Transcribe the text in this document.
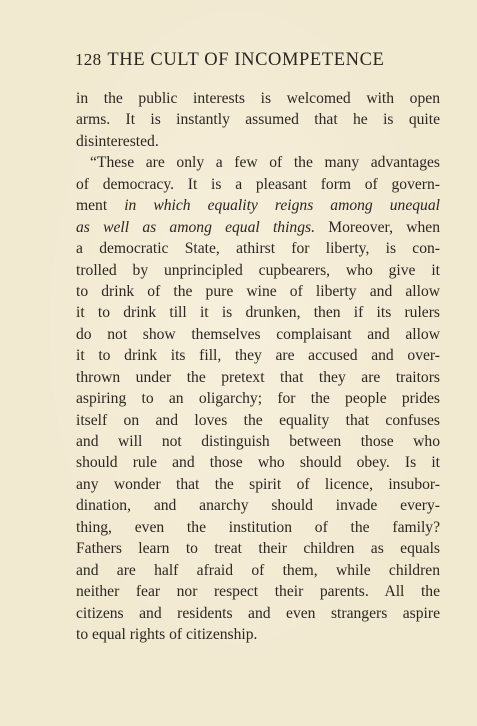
128 THE CULT OF INCOMPETENCE
in the public interests is welcomed with open
arms. It is instantly assumed that he is quite
disinterested.
“These are only a few of the many advantages
of democracy. It is a pleasant form of govern-
ment in which equality reigns among unequal
as well as among equal things. Moreover, when
a democratic State, athirst for liberty, is con-
trolled by unprincipled cupbearers, who give it
to drink of the pure wine of liberty and allow
it to drink till it is drunken, then if its rulers
do not show themselves complaisant and allow
it to drink its fill, they are accused and over-
thrown under the pretext that they are traitors
aspiring to an oligarchy; for the people prides
itself on and loves the equality that confuses
and will not distinguish between those who
should rule and those who should obey. Is it
any wonder that the spirit of licence, insubor-
dination, and anarchy should invade every-
thing, even the institution of the family?
Fathers learn to treat their children as equals
and are half afraid of them, while children
neither fear nor respect their parents. All the
citizens and residents and even strangers aspire
to equal rights of citizenship.
